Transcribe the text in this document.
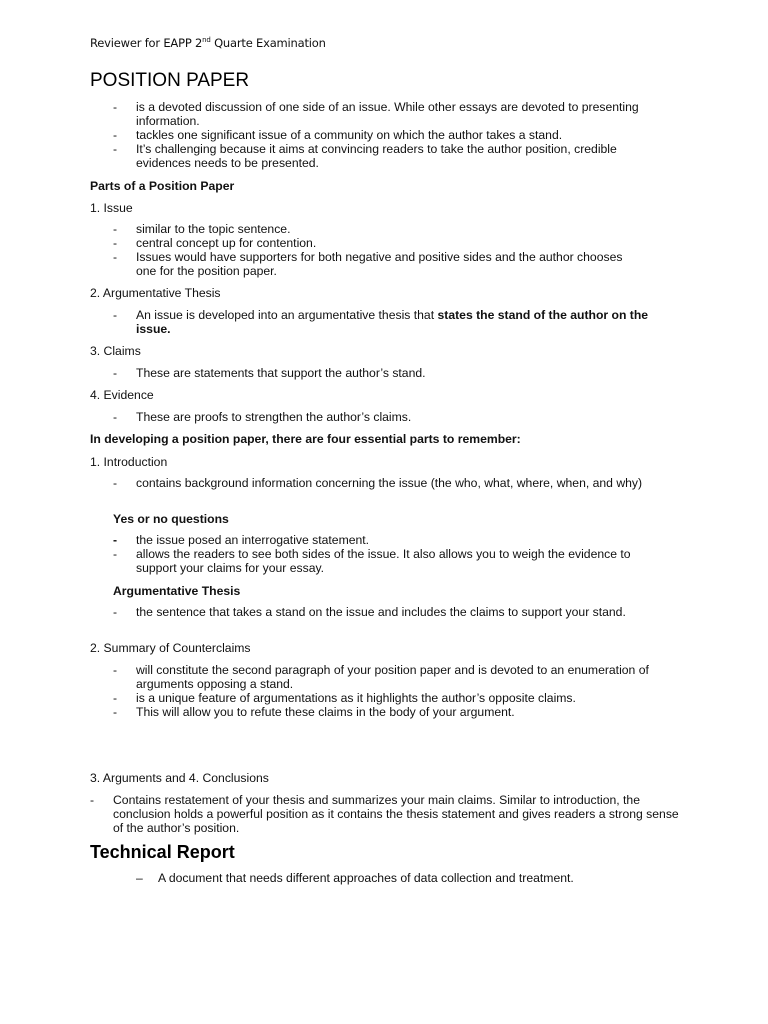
Reviewer for EAPP 2nd Quarte Examination
POSITION PAPER
- is a devoted discussion of one side of an issue. While other essays are devoted to presenting information.
- tackles one significant issue of a community on which the author takes a stand.
- It’s challenging because it aims at convincing readers to take the author position, credible evidences needs to be presented.
Parts of a Position Paper
1. Issue
- similar to the topic sentence.
- central concept up for contention.
- Issues would have supporters for both negative and positive sides and the author chooses one for the position paper.
2. Argumentative Thesis
- An issue is developed into an argumentative thesis that states the stand of the author on the issue.
3. Claims
- These are statements that support the author’s stand.
4. Evidence
- These are proofs to strengthen the author’s claims.
In developing a position paper, there are four essential parts to remember:
1. Introduction
- contains background information concerning the issue (the who, what, where, when, and why)
Yes or no questions
- the issue posed an interrogative statement.
- allows the readers to see both sides of the issue. It also allows you to weigh the evidence to support your claims for your essay.
Argumentative Thesis
- the sentence that takes a stand on the issue and includes the claims to support your stand.
2. Summary of Counterclaims
- will constitute the second paragraph of your position paper and is devoted to an enumeration of arguments opposing a stand.
- is a unique feature of argumentations as it highlights the author’s opposite claims.
- This will allow you to refute these claims in the body of your argument.
3. Arguments and 4. Conclusions
- Contains restatement of your thesis and summarizes your main claims. Similar to introduction, the conclusion holds a powerful position as it contains the thesis statement and gives readers a strong sense of the author’s position.
Technical Report
– A document that needs different approaches of data collection and treatment.
